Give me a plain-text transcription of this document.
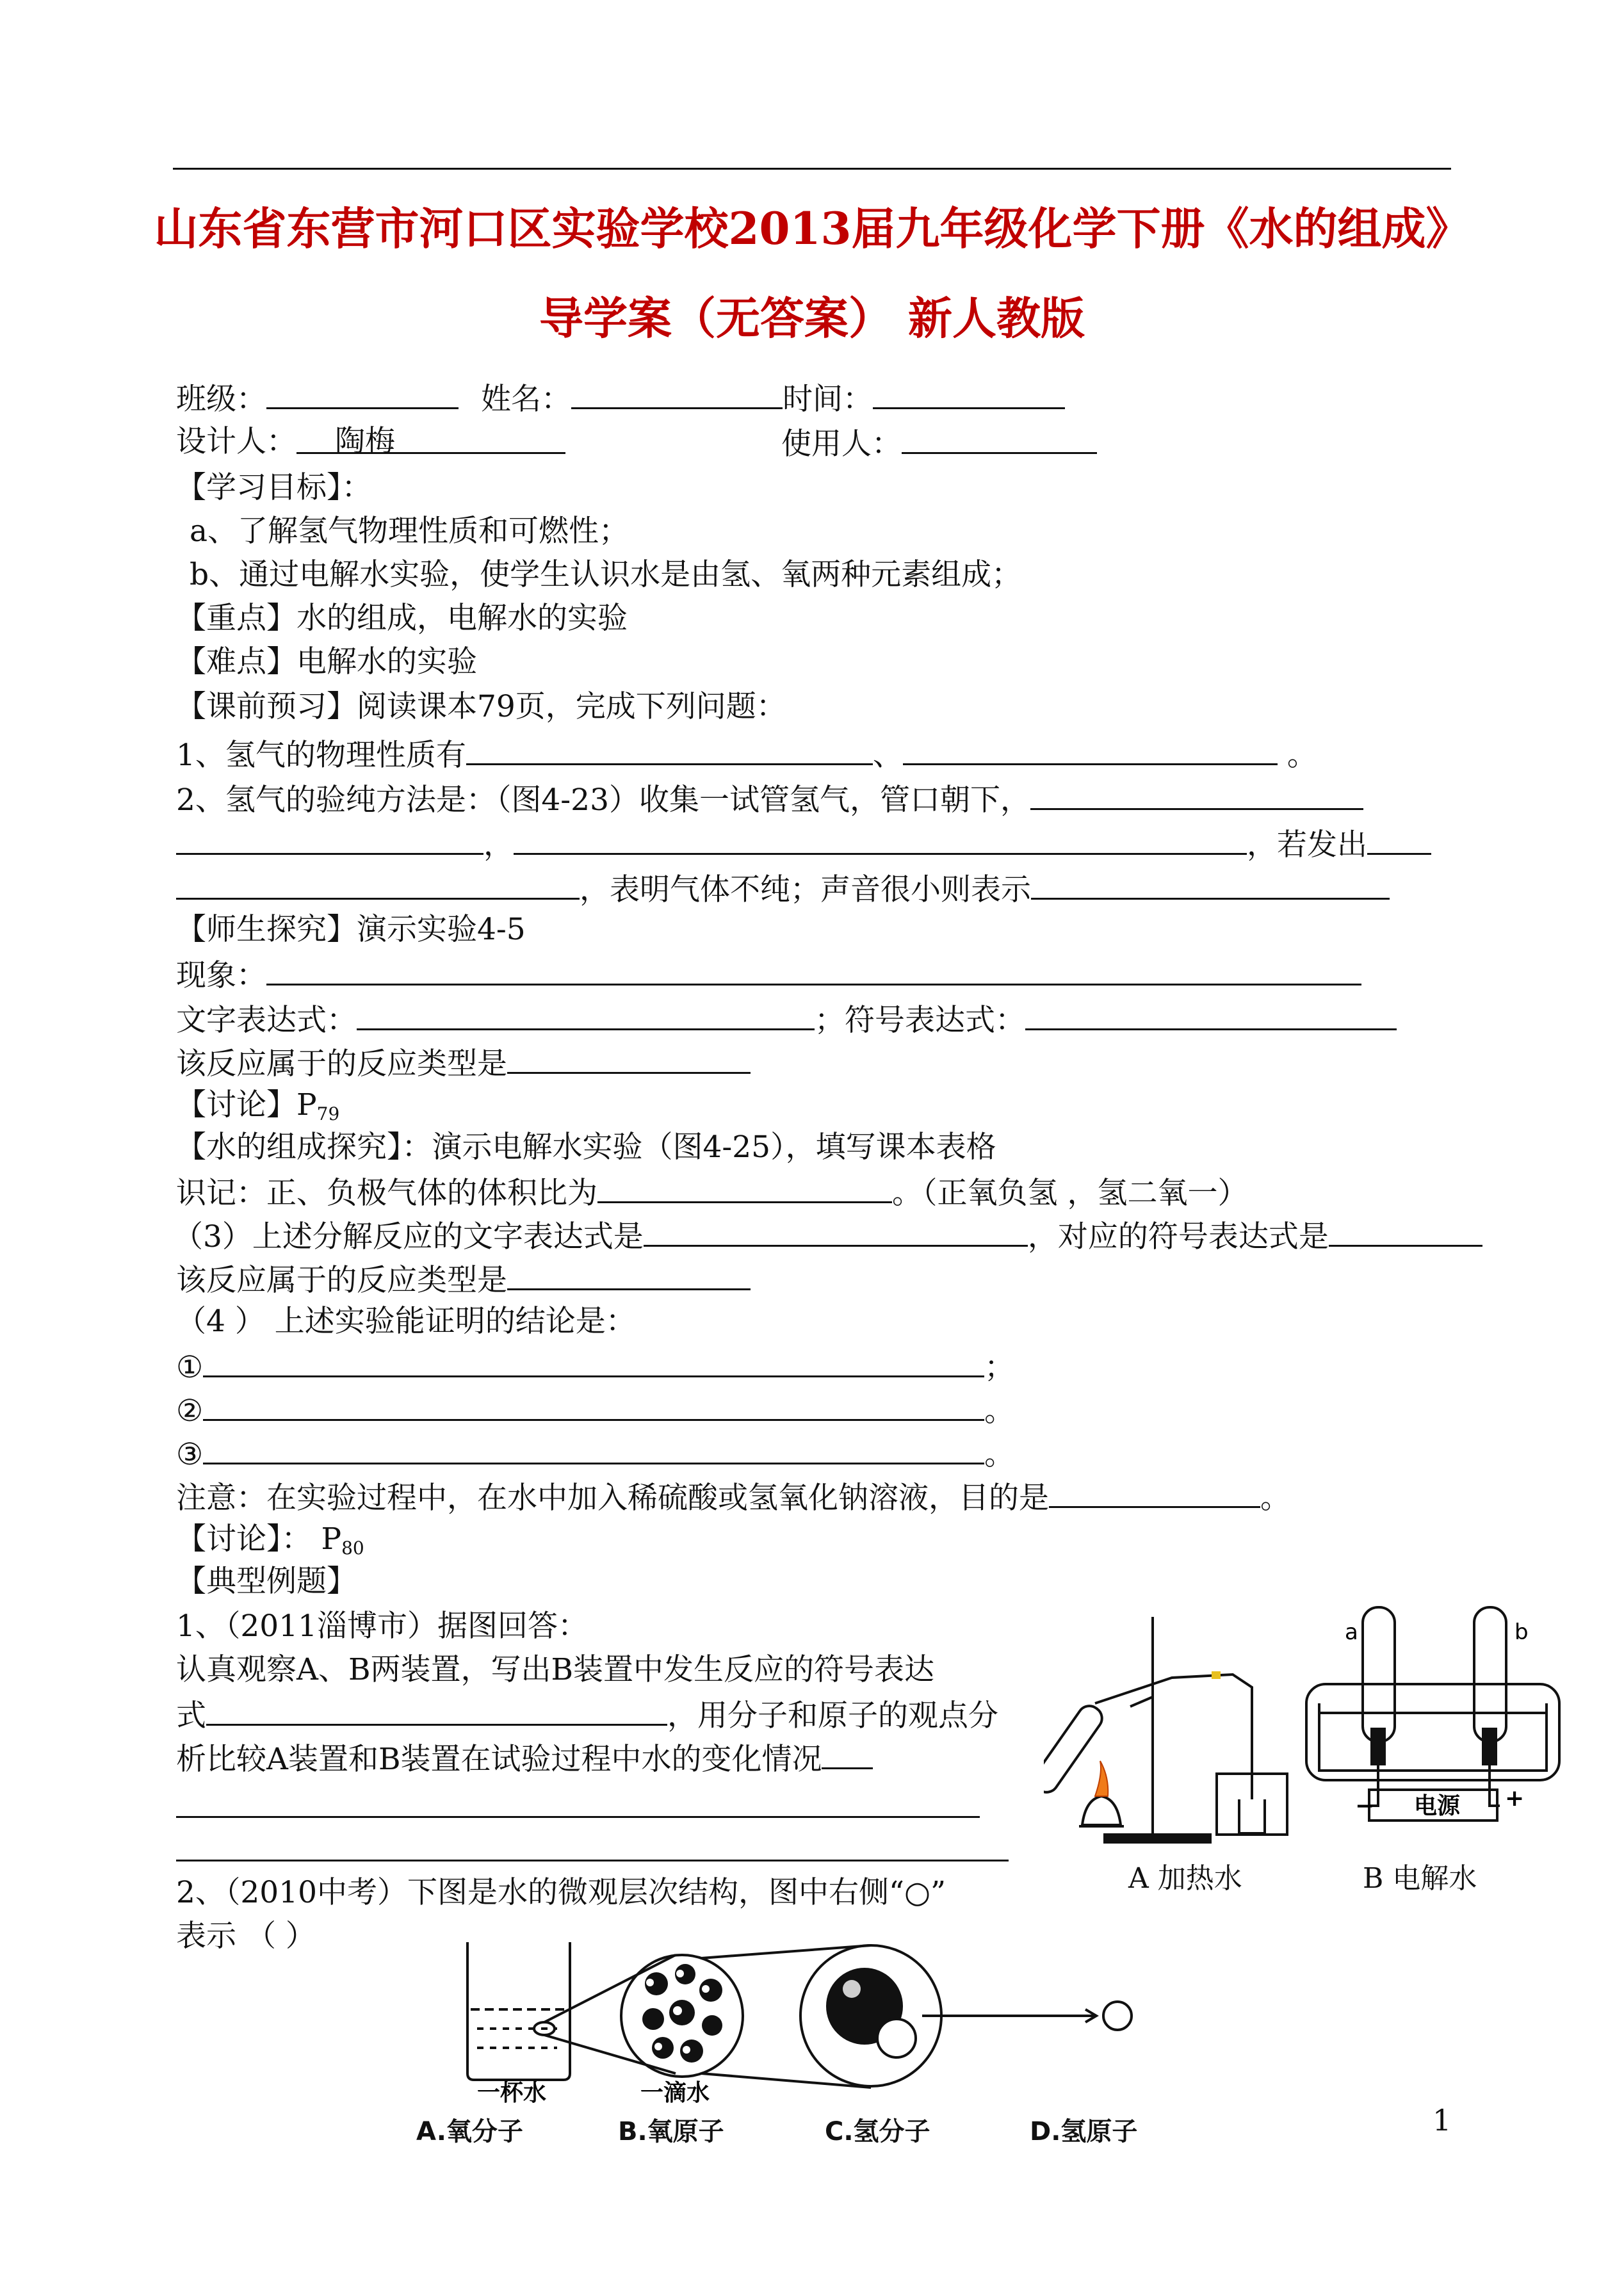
山东省东营市河口区实验学校2013届九年级化学下册《水的组成》
导学案（无答案） 新人教版
班级：	姓名：	时间：
设计人： 陶梅	使用人：
【学习目标】：
a、了解氢气物理性质和可燃性；
b、通过电解水实验，使学生认识水是由氢、氧两种元素组成；
【重点】水的组成，电解水的实验
【难点】电解水的实验
【课前预习】阅读课本79页，完成下列问题：
1、氢气的物理性质有	、	。
2、氢气的验纯方法是：（图4-23）收集一试管氢气，管口朝下，
，	，若发出
，表明气体不纯；声音很小则表示
【师生探究】演示实验4-5
现象：
文字表达式：	；符号表达式：
该反应属于的反应类型是
【讨论】$P_{79}$
【水的组成探究】：演示电解水实验（图4-25），填写课本表格
识记：正、负极气体的体积比为	。（正氧负氢 ，氢二氧一）
（3）上述分解反应的文字表达式是	，对应的符号表达式是
该反应属于的反应类型是
（4 ） 上述实验能证明的结论是：
①	；
②	。
③	。
注意：在实验过程中，在水中加入稀硫酸或氢氧化钠溶液，目的是	。
【讨论】： $P_{80}$
【典型例题】
1、（2011淄博市）据图回答：
认真观察A、B两装置，写出B装置中发生反应的符号表达
式	，用分子和原子的观点分
析比较A装置和B装置在试验过程中水的变化情况
2、（2010中考）下图是水的微观层次结构，图中右侧“○”
表示 （ ）
a	b
电源
−	+
A 加热水	B 电解水
一杯水	一滴水
A.氧分子	B.氧原子	C.氢分子	D.氢原子	1
